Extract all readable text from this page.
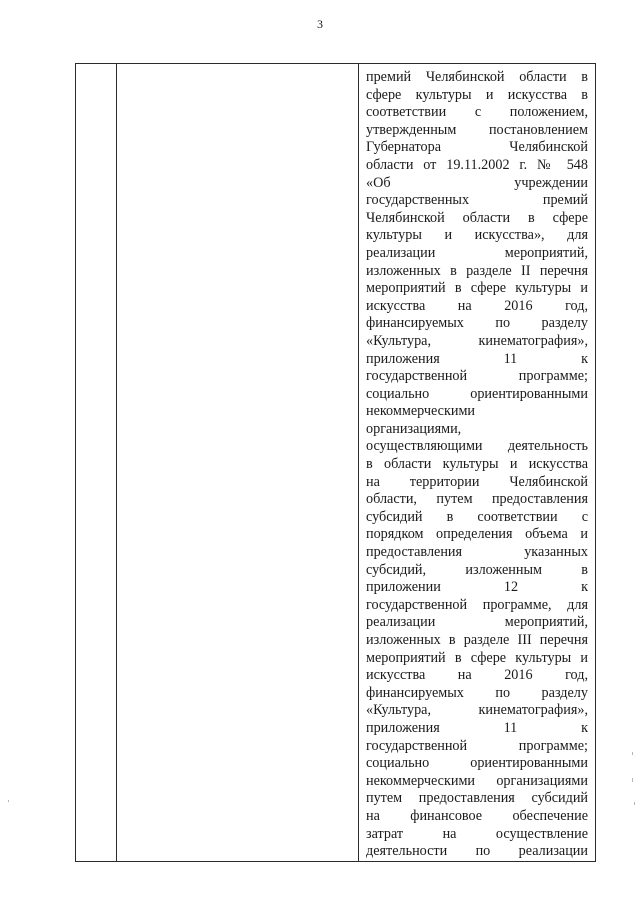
3

премий Челябинской области в
сфере культуры и искусства в
соответствии с положением,
утвержденным постановлением
Губернатора Челябинской
области от 19.11.2002 г. № 548
«Об учреждении
государственных премий
Челябинской области в сфере
культуры и искусства», для
реализации мероприятий,
изложенных в разделе II перечня
мероприятий в сфере культуры и
искусства на 2016 год,
финансируемых по разделу
«Культура, кинематография»,
приложения 11 к
государственной программе;
социально ориентированными
некоммерческими
организациями,
осуществляющими деятельность
в области культуры и искусства
на территории Челябинской
области, путем предоставления
субсидий в соответствии с
порядком определения объема и
предоставления указанных
субсидий, изложенным в
приложении 12 к
государственной программе, для
реализации мероприятий,
изложенных в разделе III перечня
мероприятий в сфере культуры и
искусства на 2016 год,
финансируемых по разделу
«Культура, кинематография»,
приложения 11 к
государственной программе;
социально ориентированными
некоммерческими организациями
путем предоставления субсидий
на финансовое обеспечение
затрат на осуществление
деятельности по реализации
